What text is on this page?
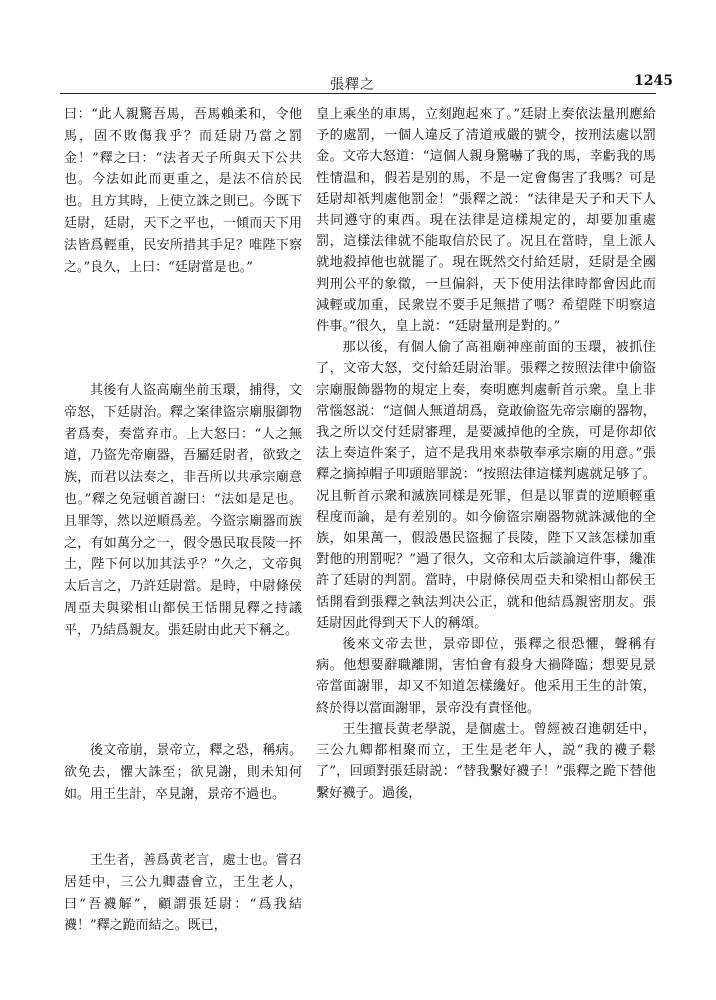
張釋之	1245

曰：“此人親驚吾馬，吾馬賴柔和，令他馬，固不敗傷我乎？而廷尉乃當之罰金！”釋之曰：“法者天子所與天下公共也。今法如此而更重之，是法不信於民也。且方其時，上使立誅之則已。今既下廷尉，廷尉，天下之平也，一傾而天下用法皆爲輕重，民安所措其手足？唯陛下察之。”良久，上曰：“廷尉當是也。”

其後有人盜高廟坐前玉環，捕得，文帝怒，下廷尉治。釋之案律盜宗廟服御物者爲奏，奏當弃市。上大怒曰：“人之無道，乃盜先帝廟器，吾屬廷尉者，欲致之族，而君以法奏之，非吾所以共承宗廟意也。”釋之免冠頓首謝曰：“法如是足也。且罪等，然以逆順爲差。今盜宗廟器而族之，有如萬分之一，假令愚民取長陵一抔土，陛下何以加其法乎？”久之，文帝與太后言之，乃許廷尉當。是時，中尉條侯周亞夫與梁相山都侯王恬開見釋之持議平，乃結爲親友。張廷尉由此天下稱之。

後文帝崩，景帝立，釋之恐，稱病。欲免去，懼大誅至；欲見謝，則未知何如。用王生計，卒見謝，景帝不過也。

王生者，善爲黄老言，處士也。嘗召居廷中，三公九卿盡會立，王生老人，曰“吾襪解”，顧謂張廷尉：“爲我結襪！”釋之跪而結之。既已，

皇上乘坐的車馬，立刻跑起來了。”廷尉上奏依法量刑應給予的處罰，一個人違反了清道戒嚴的號令，按刑法處以罰金。文帝大怒道：“這個人親身驚嚇了我的馬，幸虧我的馬性情温和，假若是别的馬，不是一定會傷害了我嗎？可是廷尉却祇判處他罰金！”張釋之説：“法律是天子和天下人共同遵守的東西。現在法律是這樣規定的，却要加重處罰，這樣法律就不能取信於民了。况且在當時，皇上派人就地殺掉他也就罷了。現在既然交付給廷尉，廷尉是全國判刑公平的象徵，一旦偏斜，天下使用法律時都會因此而減輕或加重，民衆豈不要手足無措了嗎？希望陛下明察這件事。”很久，皇上説：“廷尉量刑是對的。”

那以後，有個人偷了高祖廟神座前面的玉環，被抓住了，文帝大怒，交付給廷尉治罪。張釋之按照法律中偷盜宗廟服飾器物的規定上奏，奏明應判處斬首示衆。皇上非常惱怒説：“這個人無道胡爲，竟敢偷盜先帝宗廟的器物，我之所以交付廷尉審理，是要滅掉他的全族，可是你却依法上奏這件案子，這不是我用來恭敬奉承宗廟的用意。”張釋之摘掉帽子叩頭賠罪説：“按照法律這樣判處就足够了。况且斬首示衆和滅族同樣是死罪，但是以罪責的逆順輕重程度而論，是有差别的。如今偷盜宗廟器物就誅滅他的全族，如果萬一，假設愚民盜掘了長陵，陛下又該怎樣加重對他的刑罰呢？”過了很久，文帝和太后談論這件事，纔准許了廷尉的判罰。當時，中尉條侯周亞夫和梁相山都侯王恬開看到張釋之執法判决公正，就和他結爲親密朋友。張廷尉因此得到天下人的稱頌。

後來文帝去世，景帝即位，張釋之很恐懼，聲稱有病。他想要辭職離開，害怕會有殺身大禍降臨；想要見景帝當面謝罪，却又不知道怎樣纔好。他采用王生的計策，終於得以當面謝罪，景帝没有責怪他。

王生擅長黄老學説，是個處士。曾經被召進朝廷中，三公九卿都相聚而立，王生是老年人，説“我的襪子鬆了”，回頭對張廷尉説：“替我繫好襪子！”張釋之跪下替他繫好襪子。過後，
